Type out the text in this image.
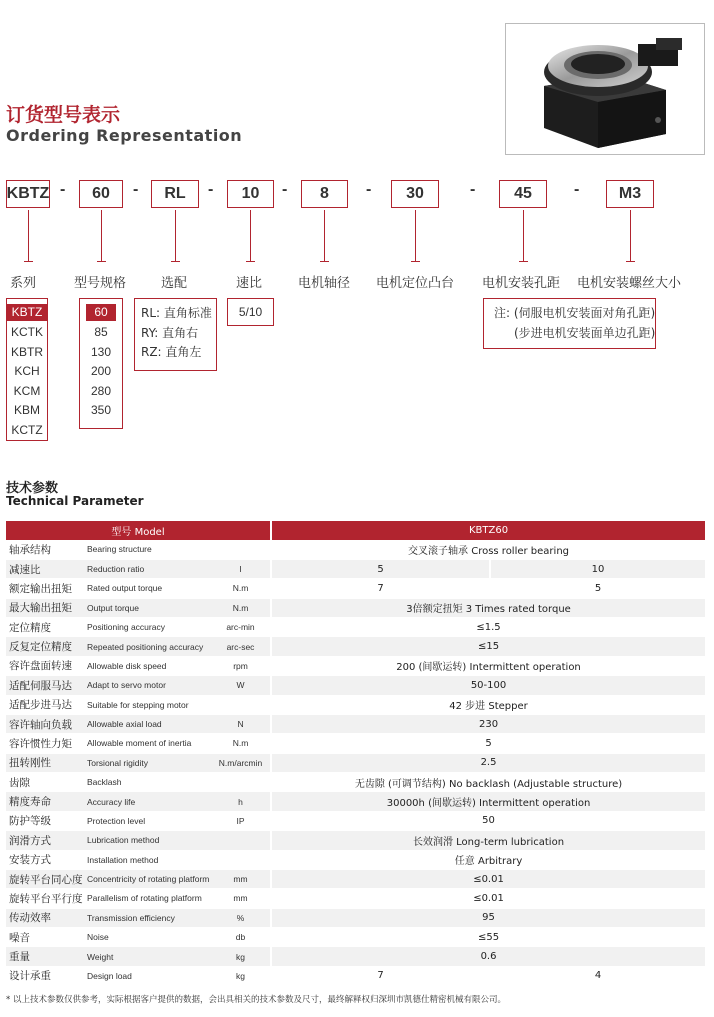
订货型号表示
Ordering Representation
KBTZ -	60	-	RL	-	10	-	8	-	30	-	45	-	M3
系列	型号规格	选配	速比	电机轴径 电机定位凸台 电机安装孔距 电机安装螺丝大小
KBTZ
KCTK
KBTR
KCH
KCM
KBM
KCTZ
60
85
130
200
280
350
RL: 直角标准
RY: 直角右
RZ: 直角左
5/10	注: (伺服电机安装面对角孔距)
(步进电机安装面单边孔距)
技术参数
Technical Parameter
型号 Model			KBTZ60	
轴承结构	Bearing structure		交叉滚子轴承 Cross roller bearing	
减速比	Reduction ratio	I	5	10
额定输出扭矩	Rated output torque	N.m	7	5
最大输出扭矩	Output torque	N.m	3倍额定扭矩 3 Times rated torque	
定位精度	Positioning accuracy	arc-min	≤1.5	
反复定位精度	Repeated positioning accuracy	arc-sec	≤15	
容许盘面转速	Allowable disk speed	rpm	200 (间歇运转) Intermittent operation	
适配伺服马达	Adapt to servo motor	W	50-100	
适配步进马达	Suitable for stepping motor		42 步进 Stepper	
容许轴向负载	Allowable axial load	N	230	
容许惯性力矩	Allowable moment of inertia	N.m	5	
扭转刚性	Torsional rigidity	N.m/arcmin	2.5	
齿隙	Backlash		无齿隙 (可调节结构) No backlash (Adjustable structure)	
精度寿命	Accuracy life	h	30000h (间歇运转) Intermittent operation	
防护等级	Protection level	IP	50	
润滑方式	Lubrication method		长效润滑 Long-term lubrication	
安装方式	Installation method		任意 Arbitrary	
旋转平台同心度	Concentricity of rotating platform	mm	≤0.01	
旋转平台平行度	Parallelism of rotating platform	mm	≤0.01	
传动效率	Transmission efficiency	%	95	
噪音	Noise	db	≤55	
重量	Weight	kg	0.6	
设计承重	Design load	kg	7	4
* 以上技术参数仅供参考，实际根据客户提供的数据，会出具相关的技术参数及尺寸，最终解释权归深圳市凯德仕精密机械有限公司。
